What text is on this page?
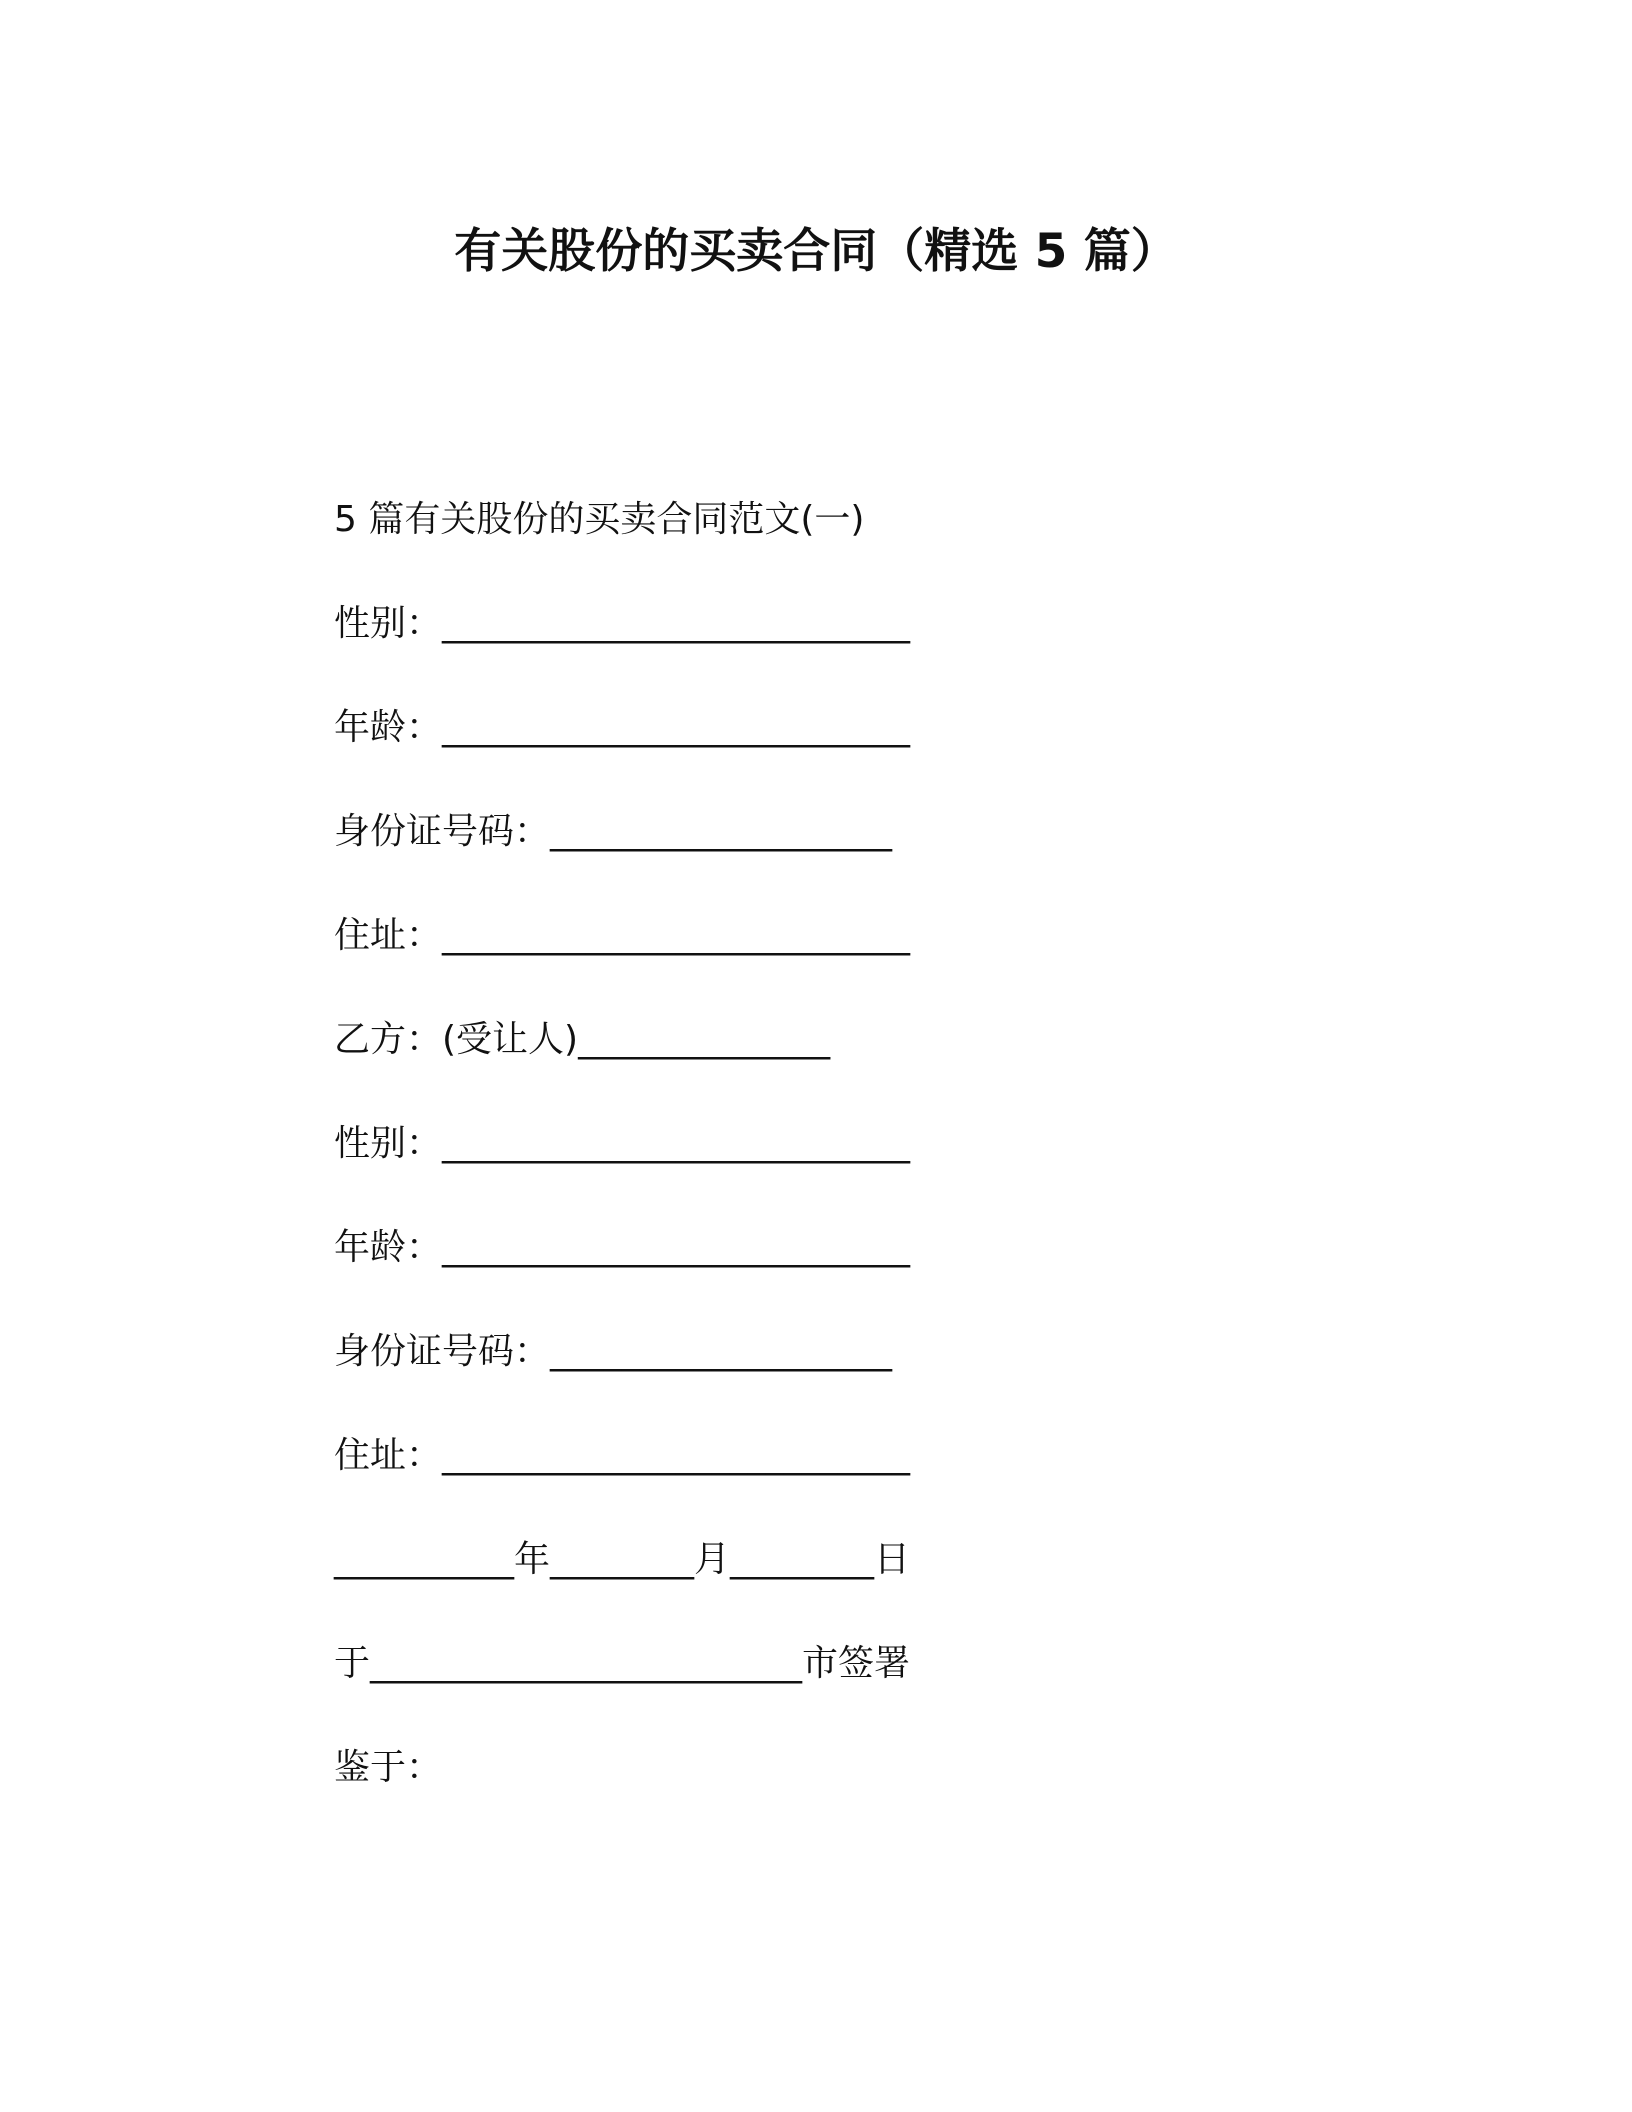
有关股份的买卖合同（精选 5 篇）
5 篇有关股份的买卖合同范文(一)
性别：__________________________
年龄：__________________________
身份证号码：___________________
住址：__________________________
乙方：(受让人)______________
性别：__________________________
年龄：__________________________
身份证号码：___________________
住址：__________________________
__________年________月________日
于________________________市签署
鉴于：
